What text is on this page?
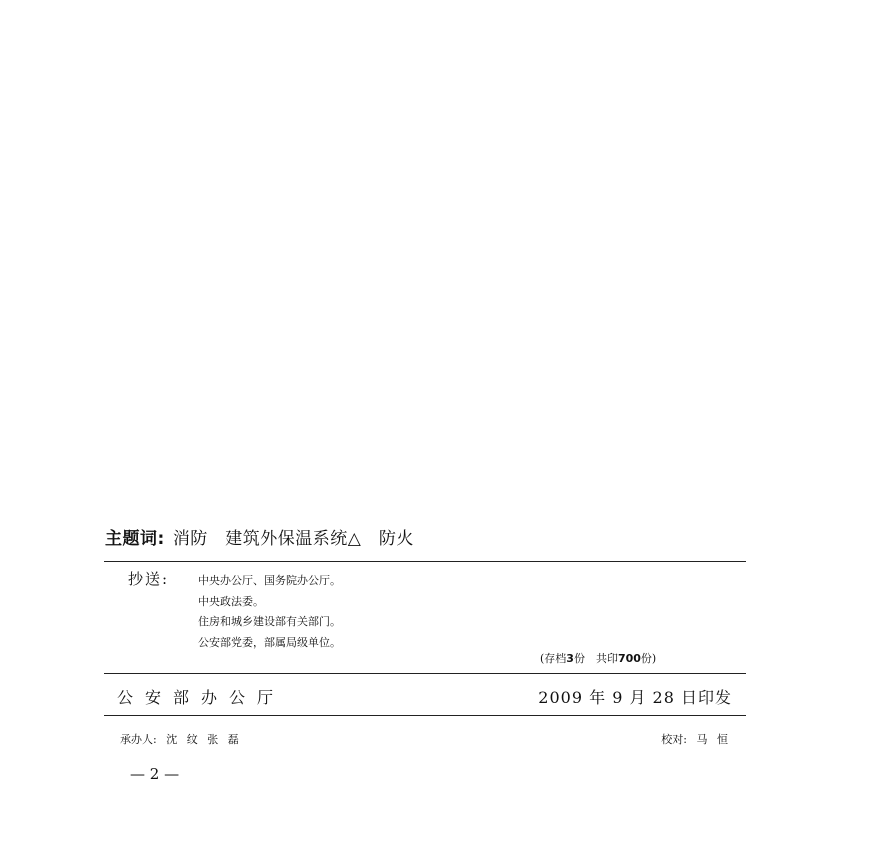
主题词: 消防　建筑外保温系统△　防火
抄送:	中央办公厅、国务院办公厅。
中央政法委。
住房和城乡建设部有关部门。
公安部党委，部属局级单位。
(存档3份　共印700份)
公安部办公厅	2009 年 9 月 28 日印发
承办人: 沈 纹 张 磊	校对: 马 恒
— 2 —
